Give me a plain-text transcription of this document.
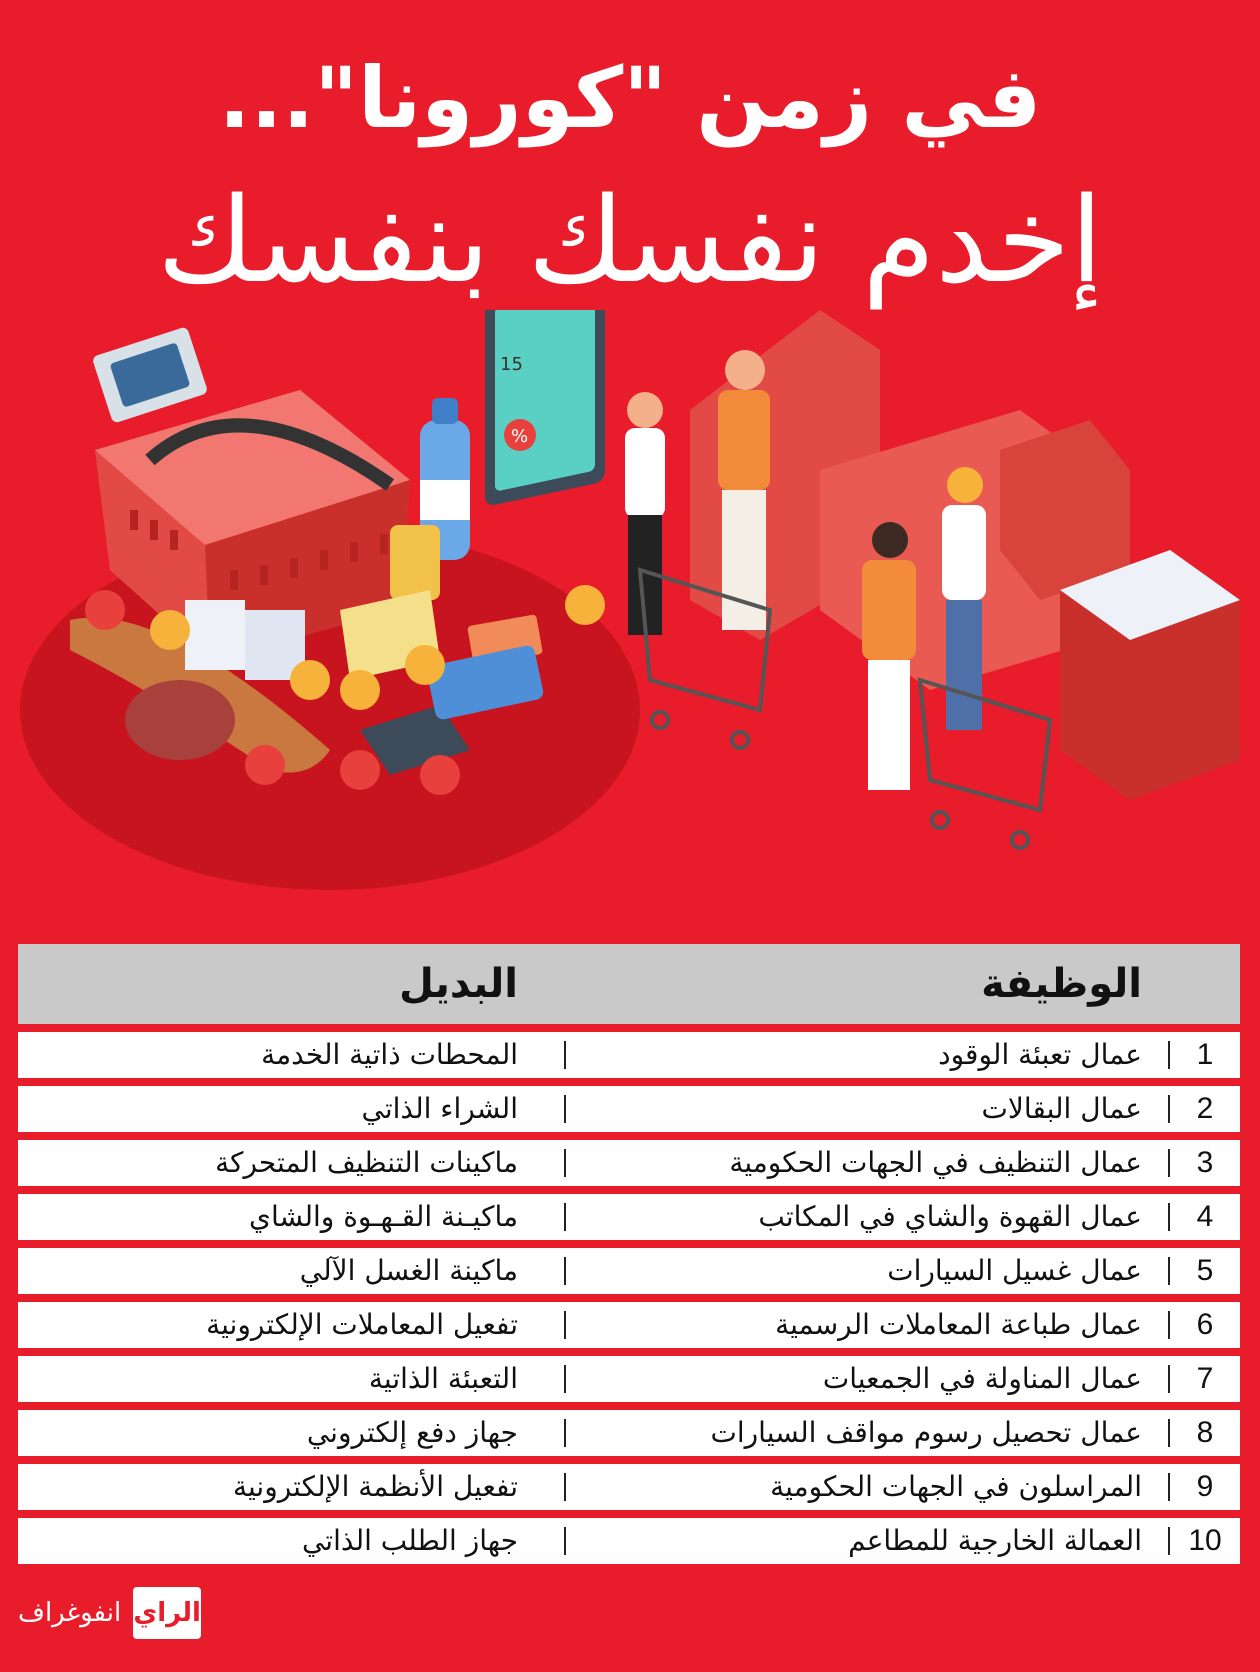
في زمن "كورونا"...
إخدم نفسك بنفسك
15
%
الوظيفة
البديل
1
عمال تعبئة الوقود
المحطات ذاتية الخدمة
2
عمال البقالات
الشراء الذاتي
3
عمال التنظيف في الجهات الحكومية
ماكينات التنظيف المتحركة
4
عمال القهوة والشاي في المكاتب
ماكيـنة القـهـوة والشاي
5
عمال غسيل السيارات
ماكينة الغسل الآلي
6
عمال طباعة المعاملات الرسمية
تفعيل المعاملات الإلكترونية
7
عمال المناولة في الجمعيات
التعبئة الذاتية
8
عمال تحصيل رسوم مواقف السيارات
جهاز دفع إلكتروني
9
المراسلون في الجهات الحكومية
تفعيل الأنظمة الإلكترونية
10
العمالة الخارجية للمطاعم
جهاز الطلب الذاتي
الراي
انفوغراف
